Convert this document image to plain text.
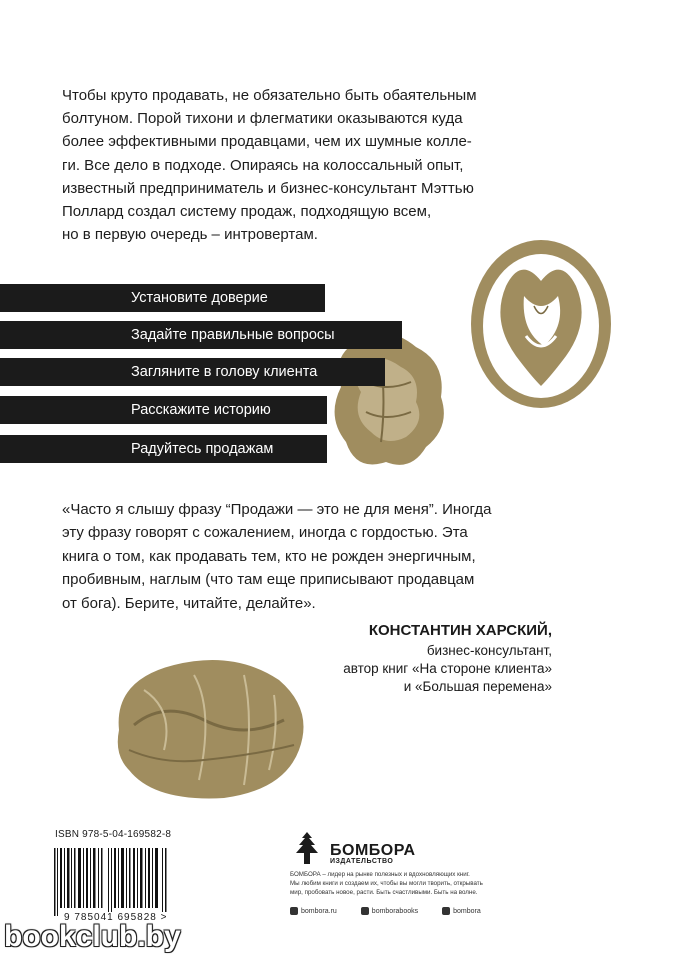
Чтобы круто продавать, не обязательно быть обаятельным

болтуном. Порой тихони и флегматики оказываются куда

более эффективными продавцами, чем их шумные колле-

ги. Все дело в подходе. Опираясь на колоссальный опыт,

известный предприниматель и бизнес-консультант Мэттью

Поллард создал систему продаж, подходящую всем,

но в первую очередь – интровертам.

Установите доверие
Задайте правильные вопросы
Загляните в голову клиента
Расскажите историю
Радуйтесь продажам

«Часто я слышу фразу “Продажи — это не для меня”. Иногда

эту фразу говорят с сожалением, иногда с гордостью. Эта

книга о том, как продавать тем, кто не рожден энергичным,

пробивным, наглым (что там еще приписывают продавцам

от бога). Берите, читайте, делайте».

КОНСТАНТИН ХАРСКИЙ,
бизнес-консультант,
автор книг «На стороне клиента»
и «Большая перемена»
ISBN 978-5-04-169582-8
9 785041 695828 >
БОМБОРА
ИЗДАТЕЛЬСТВО
БОМБОРА – лидер на рынке полезных и вдохновляющих книг.
Мы любим книги и создаем их, чтобы вы могли творить, открывать
мир, пробовать новое, расти. Быть счастливыми. Быть на волне.
bombora.ru	bomborabooks	bombora
bookclub.by
